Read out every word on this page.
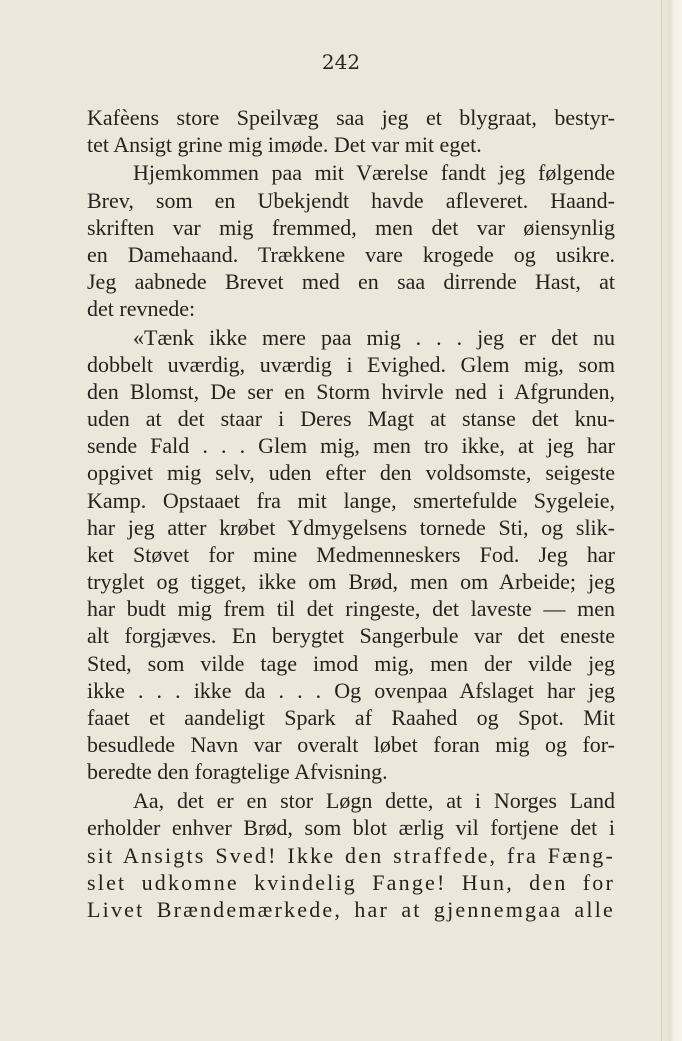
242
Kafèens store Speilvæg saa jeg et blygraat, bestyr-
tet Ansigt grine mig imøde. Det var mit eget.
Hjemkommen paa mit Værelse fandt jeg følgende
Brev, som en Ubekjendt havde afleveret. Haand-
skriften var mig fremmed, men det var øiensynlig
en Damehaand. Trækkene vare krogede og usikre.
Jeg aabnede Brevet med en saa dirrende Hast, at
det revnede:
«Tænk ikke mere paa mig . . . jeg er det nu
dobbelt uværdig, uværdig i Evighed. Glem mig, som
den Blomst, De ser en Storm hvirvle ned i Afgrunden,
uden at det staar i Deres Magt at stanse det knu-
sende Fald . . . Glem mig, men tro ikke, at jeg har
opgivet mig selv, uden efter den voldsomste, seigeste
Kamp. Opstaaet fra mit lange, smertefulde Sygeleie,
har jeg atter krøbet Ydmygelsens tornede Sti, og slik-
ket Støvet for mine Medmenneskers Fod. Jeg har
tryglet og tigget, ikke om Brød, men om Arbeide; jeg
har budt mig frem til det ringeste, det laveste — men
alt forgjæves. En berygtet Sangerbule var det eneste
Sted, som vilde tage imod mig, men der vilde jeg
ikke . . . ikke da . . . Og ovenpaa Afslaget har jeg
faaet et aandeligt Spark af Raahed og Spot. Mit
besudlede Navn var overalt løbet foran mig og for-
beredte den foragtelige Afvisning.
Aa, det er en stor Løgn dette, at i Norges Land
erholder enhver Brød, som blot ærlig vil fortjene det i
sit Ansigts Sved! Ikke den straffede, fra Fæng-
slet udkomne kvindelig Fange! Hun, den for
Livet Brændemærkede, har at gjennemgaa alle
